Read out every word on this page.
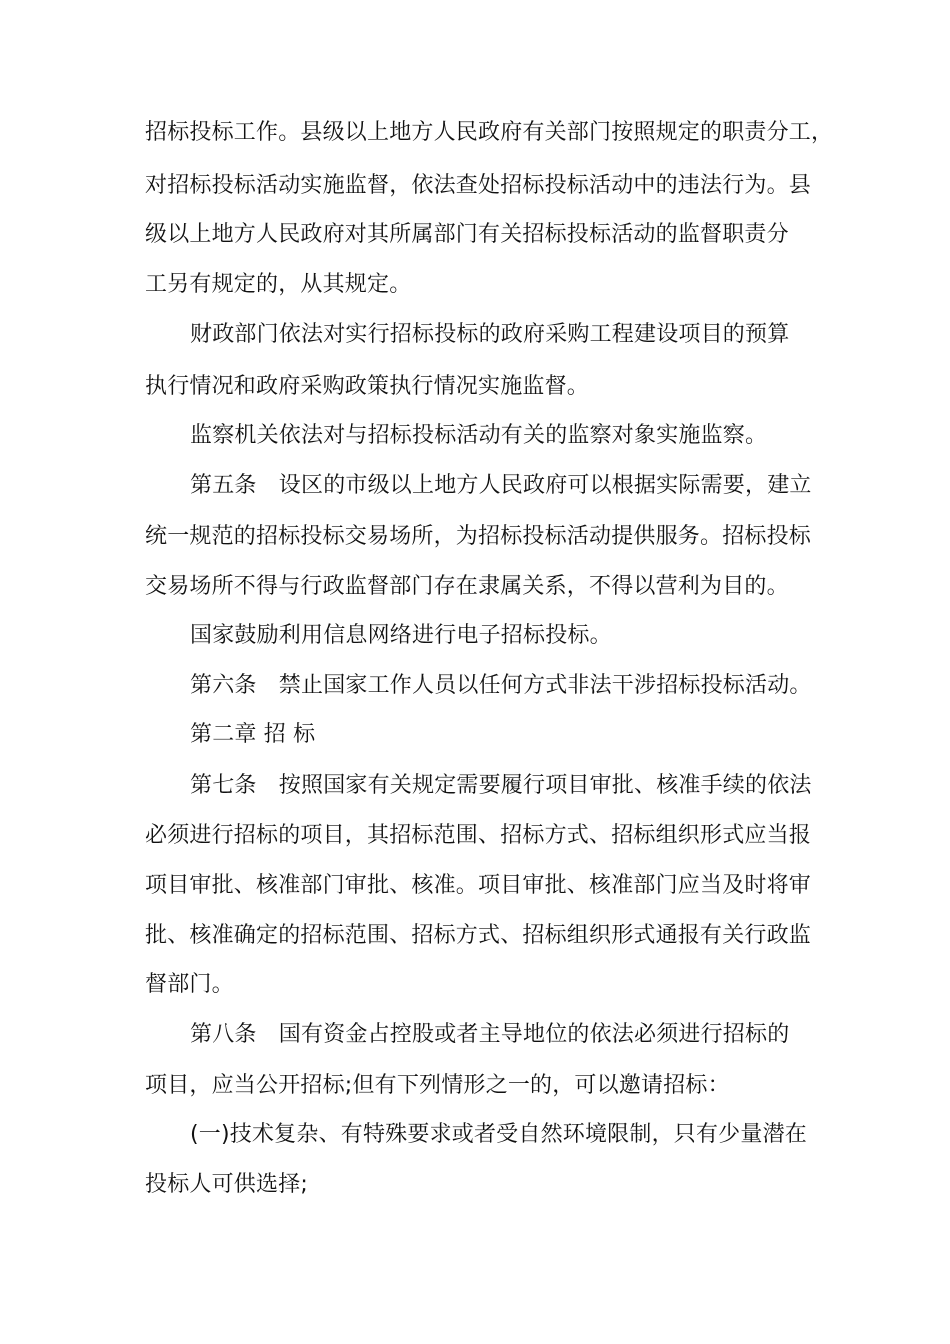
招标投标工作。县级以上地方人民政府有关部门按照规定的职责分工，
对招标投标活动实施监督，依法查处招标投标活动中的违法行为。县
级以上地方人民政府对其所属部门有关招标投标活动的监督职责分
工另有规定的，从其规定。
财政部门依法对实行招标投标的政府采购工程建设项目的预算
执行情况和政府采购政策执行情况实施监督。
监察机关依法对与招标投标活动有关的监察对象实施监察。
第五条　设区的市级以上地方人民政府可以根据实际需要，建立
统一规范的招标投标交易场所，为招标投标活动提供服务。招标投标
交易场所不得与行政监督部门存在隶属关系，不得以营利为目的。
国家鼓励利用信息网络进行电子招标投标。
第六条　禁止国家工作人员以任何方式非法干涉招标投标活动。
第二章 招 标
第七条　按照国家有关规定需要履行项目审批、核准手续的依法
必须进行招标的项目，其招标范围、招标方式、招标组织形式应当报
项目审批、核准部门审批、核准。项目审批、核准部门应当及时将审
批、核准确定的招标范围、招标方式、招标组织形式通报有关行政监
督部门。
第八条　国有资金占控股或者主导地位的依法必须进行招标的
项目，应当公开招标;但有下列情形之一的，可以邀请招标：
(一)技术复杂、有特殊要求或者受自然环境限制，只有少量潜在
投标人可供选择;
